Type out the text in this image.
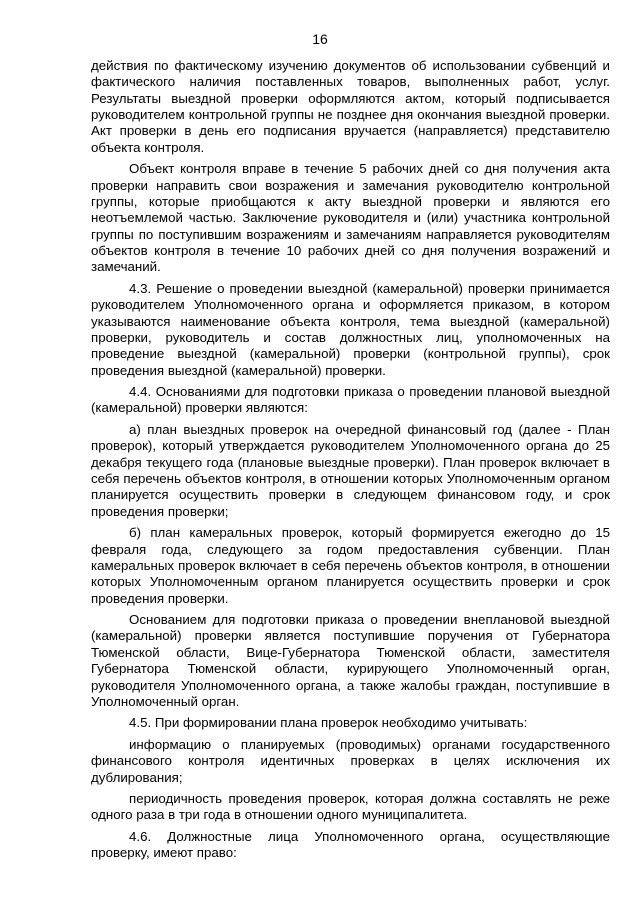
16

действия по фактическому изучению документов об использовании субвенций и фактического наличия поставленных товаров, выполненных работ, услуг. Результаты выездной проверки оформляются актом, который подписывается руководителем контрольной группы не позднее дня окончания выездной проверки. Акт проверки в день его подписания вручается (направляется) представителю объекта контроля.

Объект контроля вправе в течение 5 рабочих дней со дня получения акта проверки направить свои возражения и замечания руководителю контрольной группы, которые приобщаются к акту выездной проверки и являются его неотъемлемой частью. Заключение руководителя и (или) участника контрольной группы по поступившим возражениям и замечаниям направляется руководителям объектов контроля в течение 10 рабочих дней со дня получения возражений и замечаний.

4.3. Решение о проведении выездной (камеральной) проверки принимается руководителем Уполномоченного органа и оформляется приказом, в котором указываются наименование объекта контроля, тема выездной (камеральной) проверки, руководитель и состав должностных лиц, уполномоченных на проведение выездной (камеральной) проверки (контрольной группы), срок проведения выездной (камеральной) проверки.

4.4. Основаниями для подготовки приказа о проведении плановой выездной (камеральной) проверки являются:

а) план выездных проверок на очередной финансовый год (далее - План проверок), который утверждается руководителем Уполномоченного органа до 25 декабря текущего года (плановые выездные проверки). План проверок включает в себя перечень объектов контроля, в отношении которых Уполномоченным органом планируется осуществить проверки в следующем финансовом году, и срок проведения проверки;

б) план камеральных проверок, который формируется ежегодно до 15 февраля года, следующего за годом предоставления субвенции. План камеральных проверок включает в себя перечень объектов контроля, в отношении которых Уполномоченным органом планируется осуществить проверки и срок проведения проверки.

Основанием для подготовки приказа о проведении внеплановой выездной (камеральной) проверки является поступившие поручения от Губернатора Тюменской области, Вице-Губернатора Тюменской области, заместителя Губернатора Тюменской области, курирующего Уполномоченный орган, руководителя Уполномоченного органа, а также жалобы граждан, поступившие в Уполномоченный орган.

4.5. При формировании плана проверок необходимо учитывать:

информацию о планируемых (проводимых) органами государственного финансового контроля идентичных проверках в целях исключения их дублирования;

периодичность проведения проверок, которая должна составлять не реже одного раза в три года в отношении одного муниципалитета.

4.6. Должностные лица Уполномоченного органа, осуществляющие проверку, имеют право:
